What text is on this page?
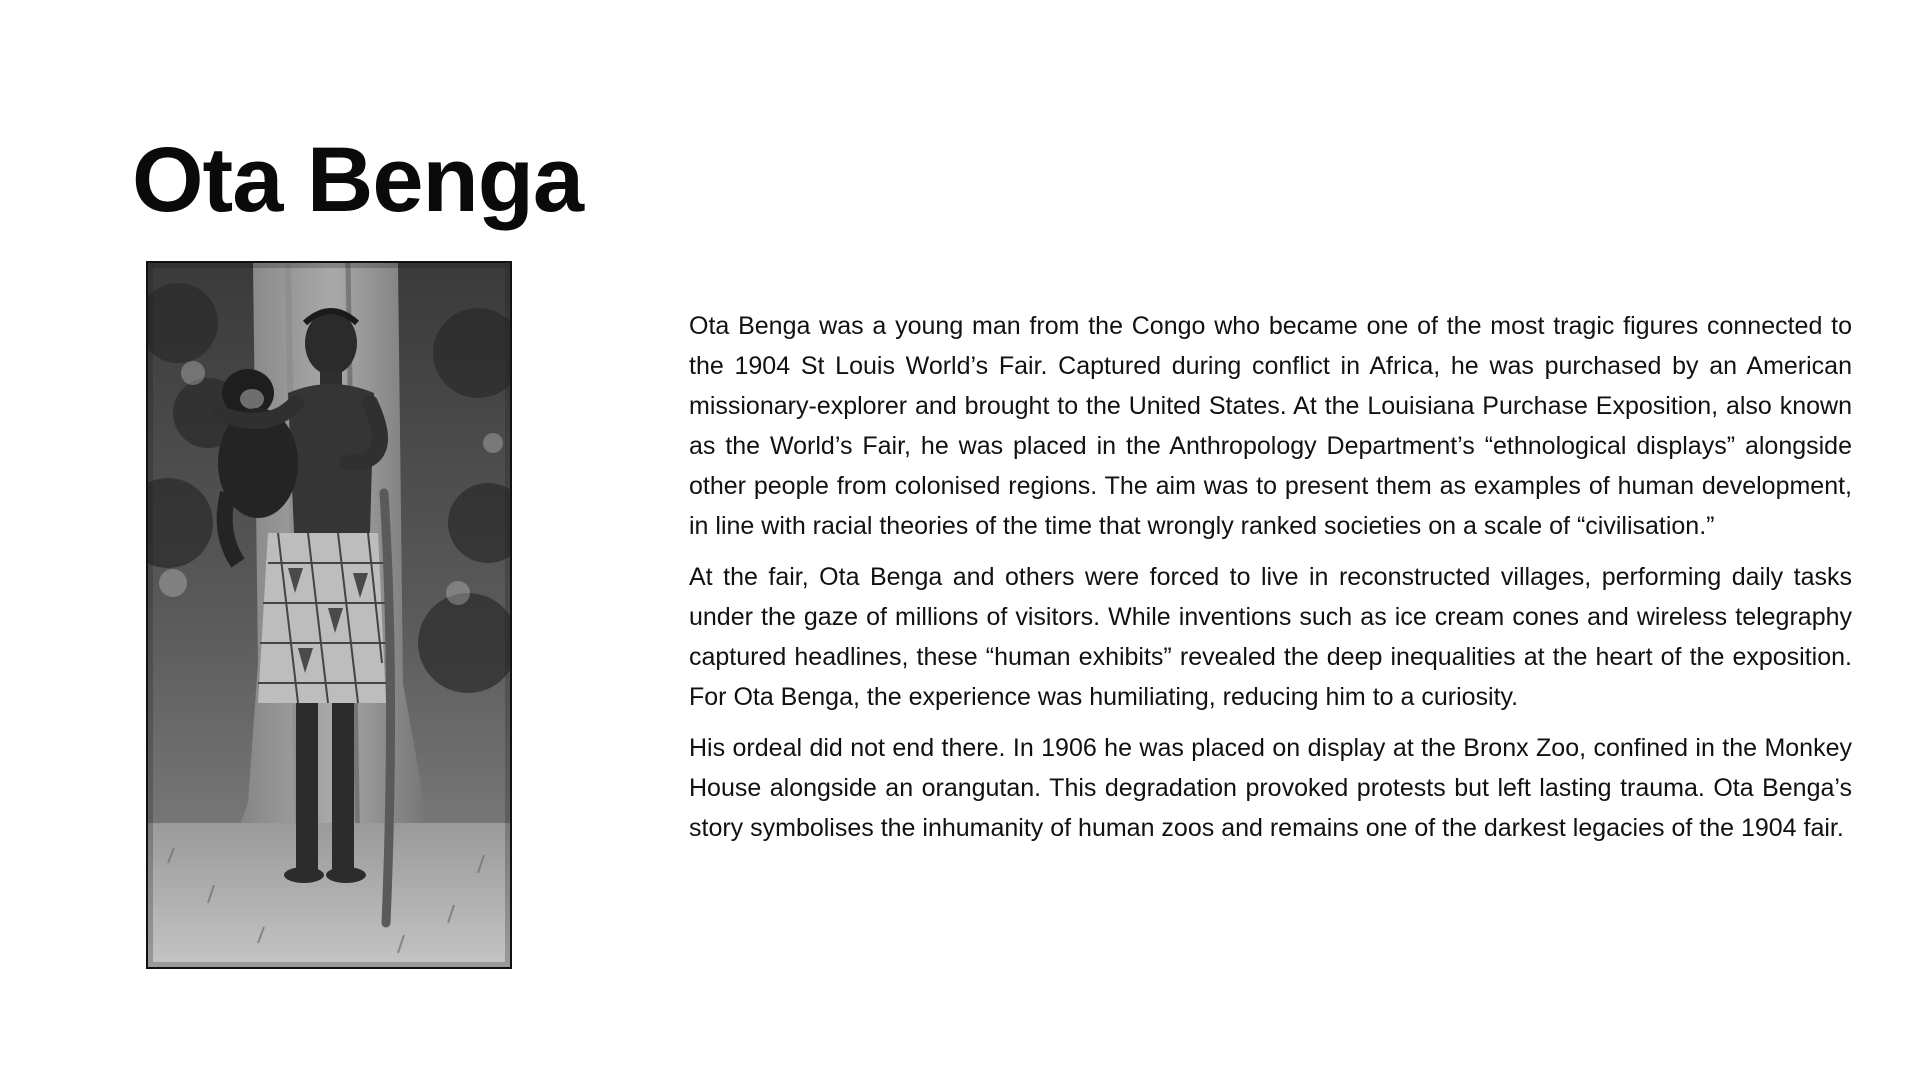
Ota Benga

Ota Benga was a young man from the Congo who became one of the most tragic figures connected to the 1904 St Louis World’s Fair. Captured during conflict in Africa, he was purchased by an American missionary-explorer and brought to the United States. At the Louisiana Purchase Exposition, also known as the World’s Fair, he was placed in the Anthropology Department’s “ethnological displays” alongside other people from colonised regions. The aim was to present them as examples of human development, in line with racial theories of the time that wrongly ranked societies on a scale of “civilisation.”

At the fair, Ota Benga and others were forced to live in reconstructed villages, performing daily tasks under the gaze of millions of visitors. While inventions such as ice cream cones and wireless telegraphy captured headlines, these “human exhibits” revealed the deep inequalities at the heart of the exposition. For Ota Benga, the experience was humiliating, reducing him to a curiosity.

His ordeal did not end there. In 1906 he was placed on display at the Bronx Zoo, confined in the Monkey House alongside an orangutan. This degradation provoked protests but left lasting trauma. Ota Benga’s story symbolises the inhumanity of human zoos and remains one of the darkest legacies of the 1904 fair.
